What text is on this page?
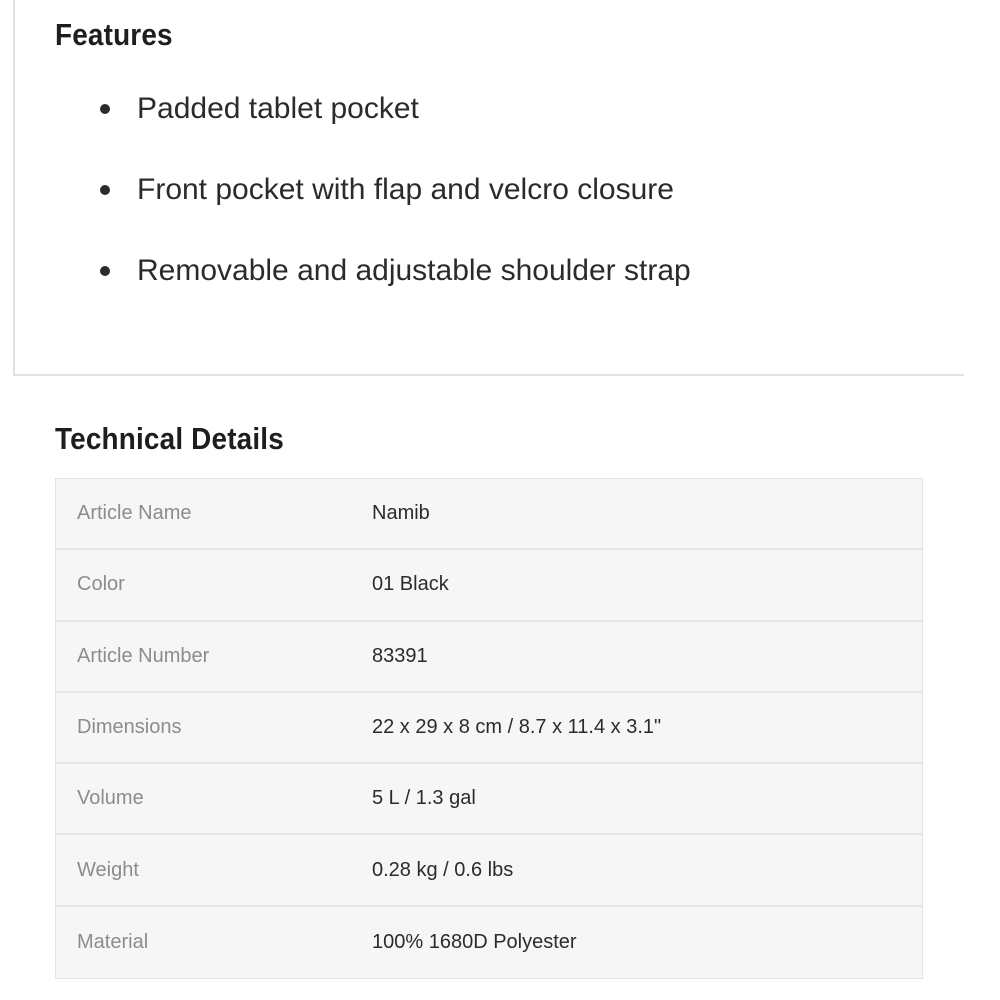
Features
Padded tablet pocket
Front pocket with flap and velcro closure
Removable and adjustable shoulder strap
Technical Details
Article Name	Namib
Color	01 Black
Article Number	83391
Dimensions	22 x 29 x 8 cm / 8.7 x 11.4 x 3.1"
Volume	5 L / 1.3 gal
Weight	0.28 kg / 0.6 lbs
Material	100% 1680D Polyester
